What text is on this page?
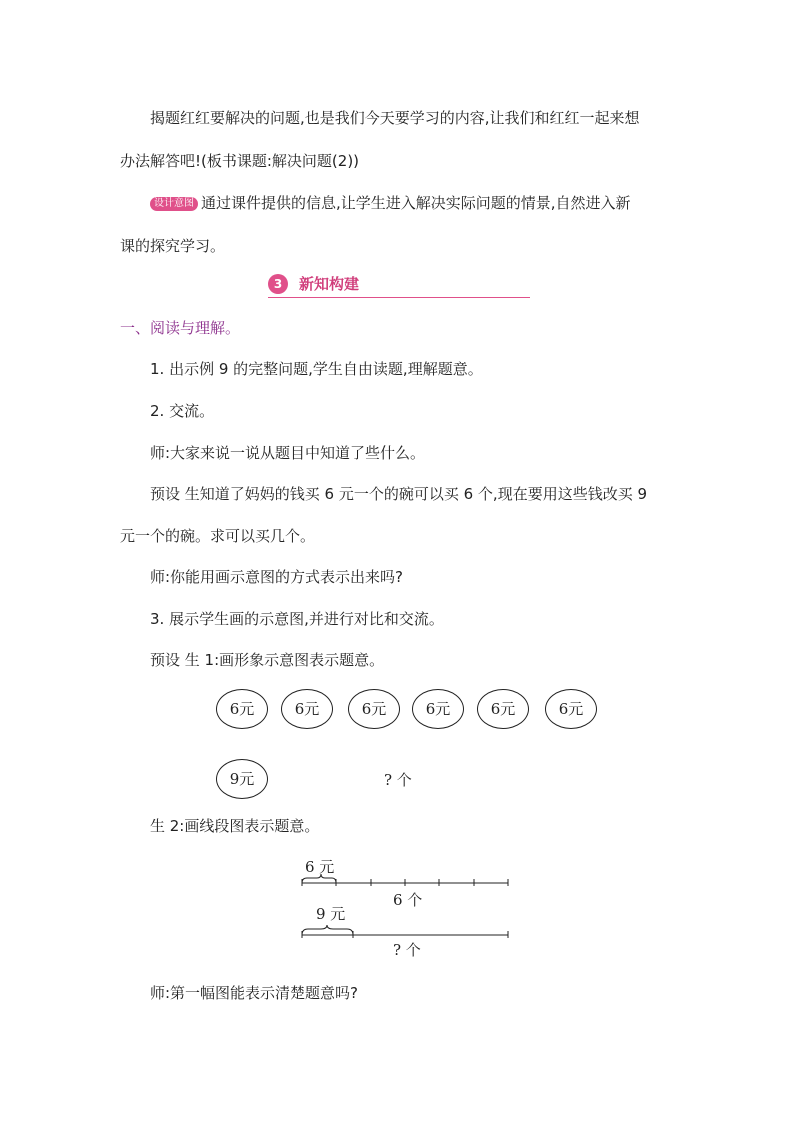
揭题红红要解决的问题,也是我们今天要学习的内容,让我们和红红一起来想
办法解答吧!(板书课题:解决问题(2))
设计意图 通过课件提供的信息,让学生进入解决实际问题的情景,自然进入新
课的探究学习。
3	新知构建
一、阅读与理解。
1. 出示例 9 的完整问题,学生自由读题,理解题意。
2. 交流。
师:大家来说一说从题目中知道了些什么。
预设 生知道了妈妈的钱买 6 元一个的碗可以买 6 个,现在要用这些钱改买 9
元一个的碗。求可以买几个。
师:你能用画示意图的方式表示出来吗?
3. 展示学生画的示意图,并进行对比和交流。
预设 生 1:画形象示意图表示题意。
6元	6元	6元	6元	6元	6元
9元	? 个
生 2:画线段图表示题意。
6 元
6 个
9 元
? 个
师:第一幅图能表示清楚题意吗?
